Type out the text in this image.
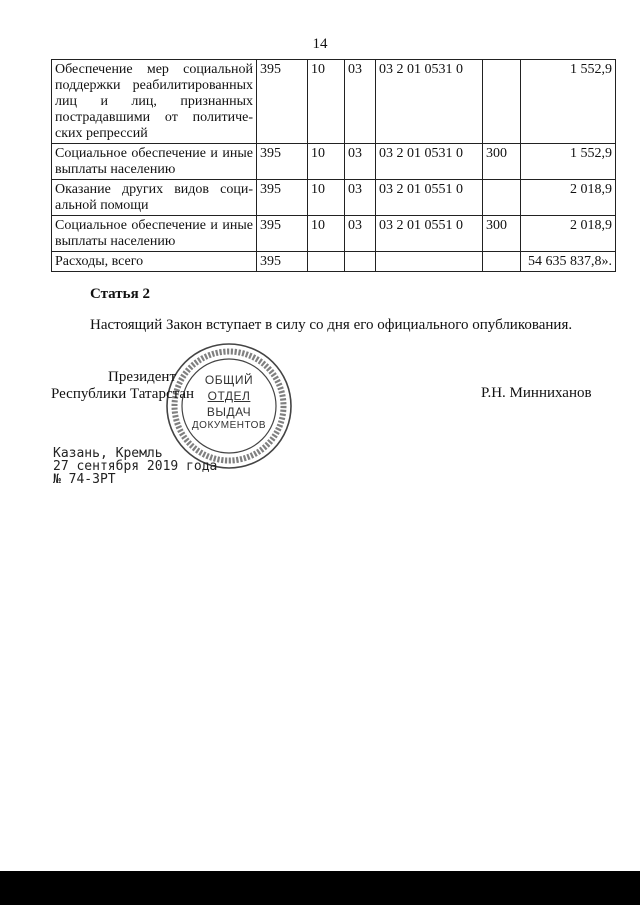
14
Обеспечение мер социальной поддержки реабилитированных лиц и лиц, признанных пострадавшими от политических репрессий	395	10	03	03 2 01 0531 0		1 552,9
Социальное обеспечение и иные выплаты населению	395	10	03	03 2 01 0531 0	300	1 552,9
Оказание других видов социальной помощи	395	10	03	03 2 01 0551 0		2 018,9
Социальное обеспечение и иные выплаты населению	395	10	03	03 2 01 0551 0	300	2 018,9
Расходы, всего	395					54 635 837,8».
Статья 2
Настоящий Закон вступает в силу со дня его официального опубликования.
ОБЩИЙ
ОТДЕЛ
ВЫДАЧ
ДОКУМЕНТОВ
Президент
Республики Татарстан	Р.Н. Минниханов
Казань, Кремль
27 сентября 2019 года
№ 74-ЗРТ
